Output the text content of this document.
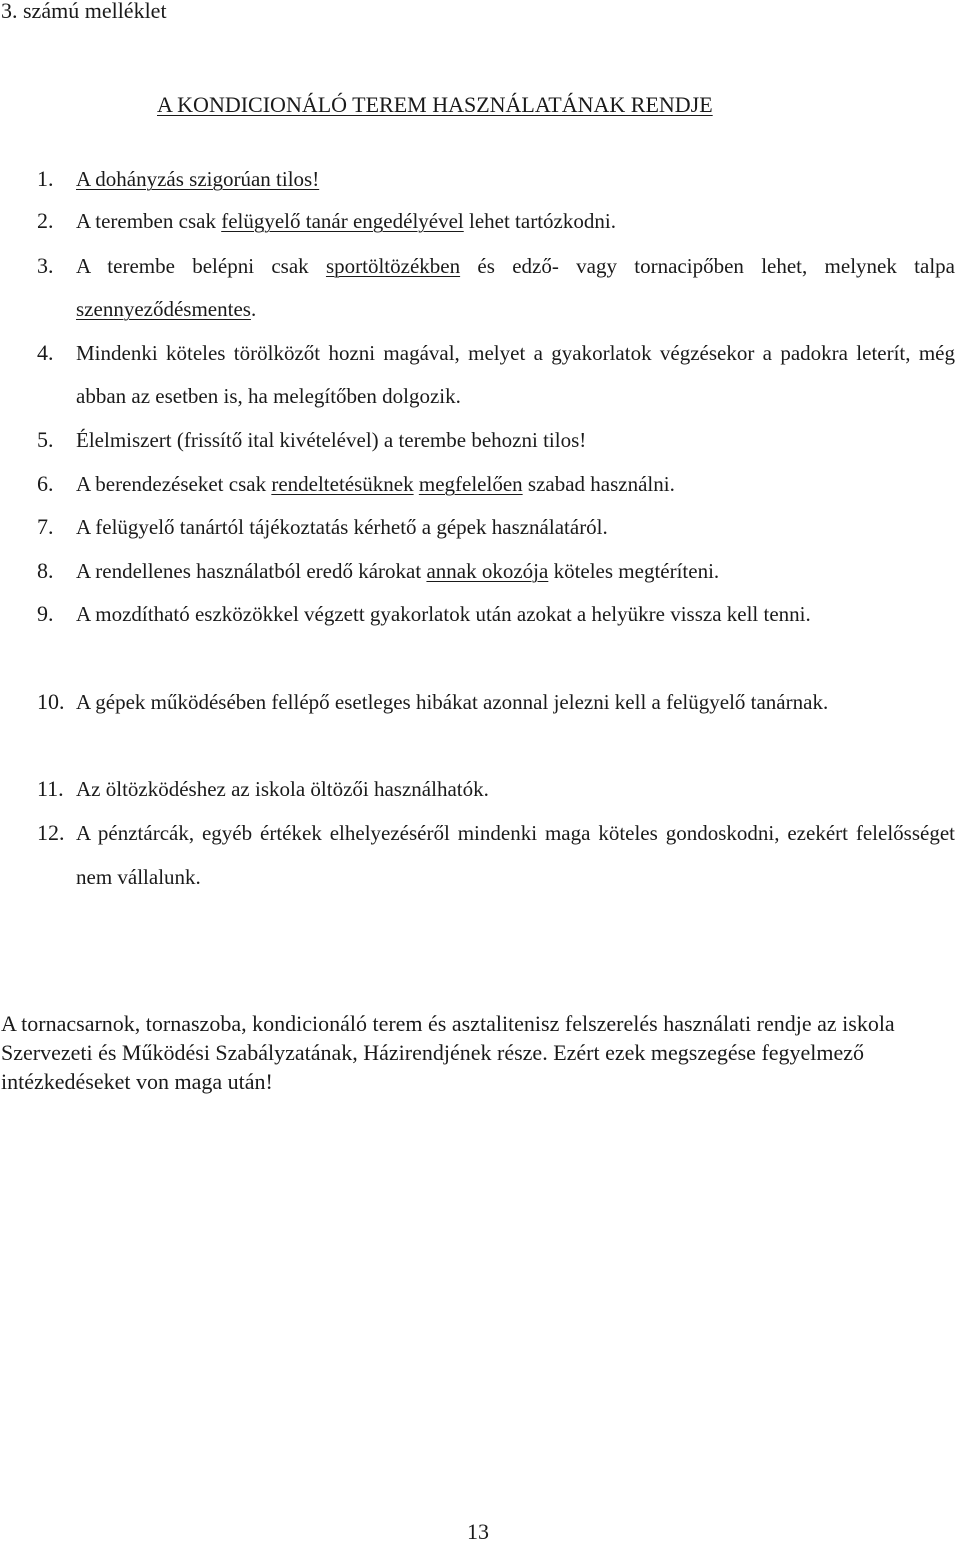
3. számú melléklet
A KONDICIONÁLÓ TEREM HASZNÁLATÁNAK RENDJE
1. A dohányzás szigorúan tilos!
2. A teremben csak felügyelő tanár engedélyével lehet tartózkodni.
3. A terembe belépni csak sportöltözékben és edző- vagy tornacipőben lehet, melynek talpa szennyeződésmentes.
4. Mindenki köteles törölközőt hozni magával, melyet a gyakorlatok végzésekor a padokra leterít, még abban az esetben is, ha melegítőben dolgozik.
5. Élelmiszert (frissítő ital kivételével) a terembe behozni tilos!
6. A berendezéseket csak rendeltetésüknek megfelelően szabad használni.
7. A felügyelő tanártól tájékoztatás kérhető a gépek használatáról.
8. A rendellenes használatból eredő károkat annak okozója köteles megtéríteni.
9. A mozdítható eszközökkel végzett gyakorlatok után azokat a helyükre vissza kell tenni.
10. A gépek működésében fellépő esetleges hibákat azonnal jelezni kell a felügyelő tanárnak.
11. Az öltözködéshez az iskola öltözői használhatók.
12. A pénztárcák, egyéb értékek elhelyezéséről mindenki maga köteles gondoskodni, ezekért felelősséget nem vállalunk.
A tornacsarnok, tornaszoba, kondicionáló terem és asztalitenisz felszerelés használati rendje az iskola Szervezeti és Működési Szabályzatának, Házirendjének része. Ezért ezek megszegése fegyelmező intézkedéseket von maga után!
13
